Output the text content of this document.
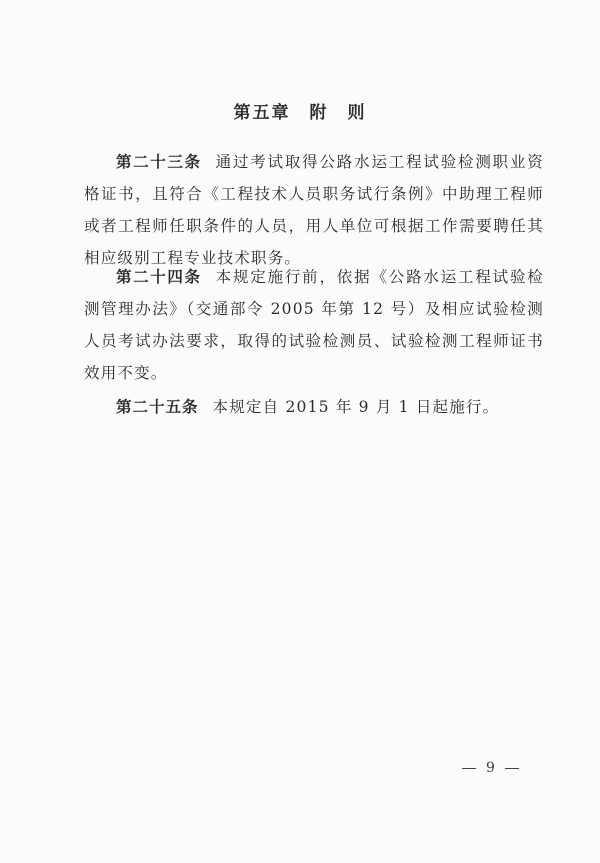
第五章　附　则

第二十三条 通过考试取得公路水运工程试验检测职业资格证书，且符合《工程技术人员职务试行条例》中助理工程师或者工程师任职条件的人员，用人单位可根据工作需要聘任其相应级别工程专业技术职务。

第二十四条 本规定施行前，依据《公路水运工程试验检测管理办法》（交通部令 2005 年第 12 号）及相应试验检测人员考试办法要求，取得的试验检测员、试验检测工程师证书效用不变。

第二十五条 本规定自 2015 年 9 月 1 日起施行。

9
